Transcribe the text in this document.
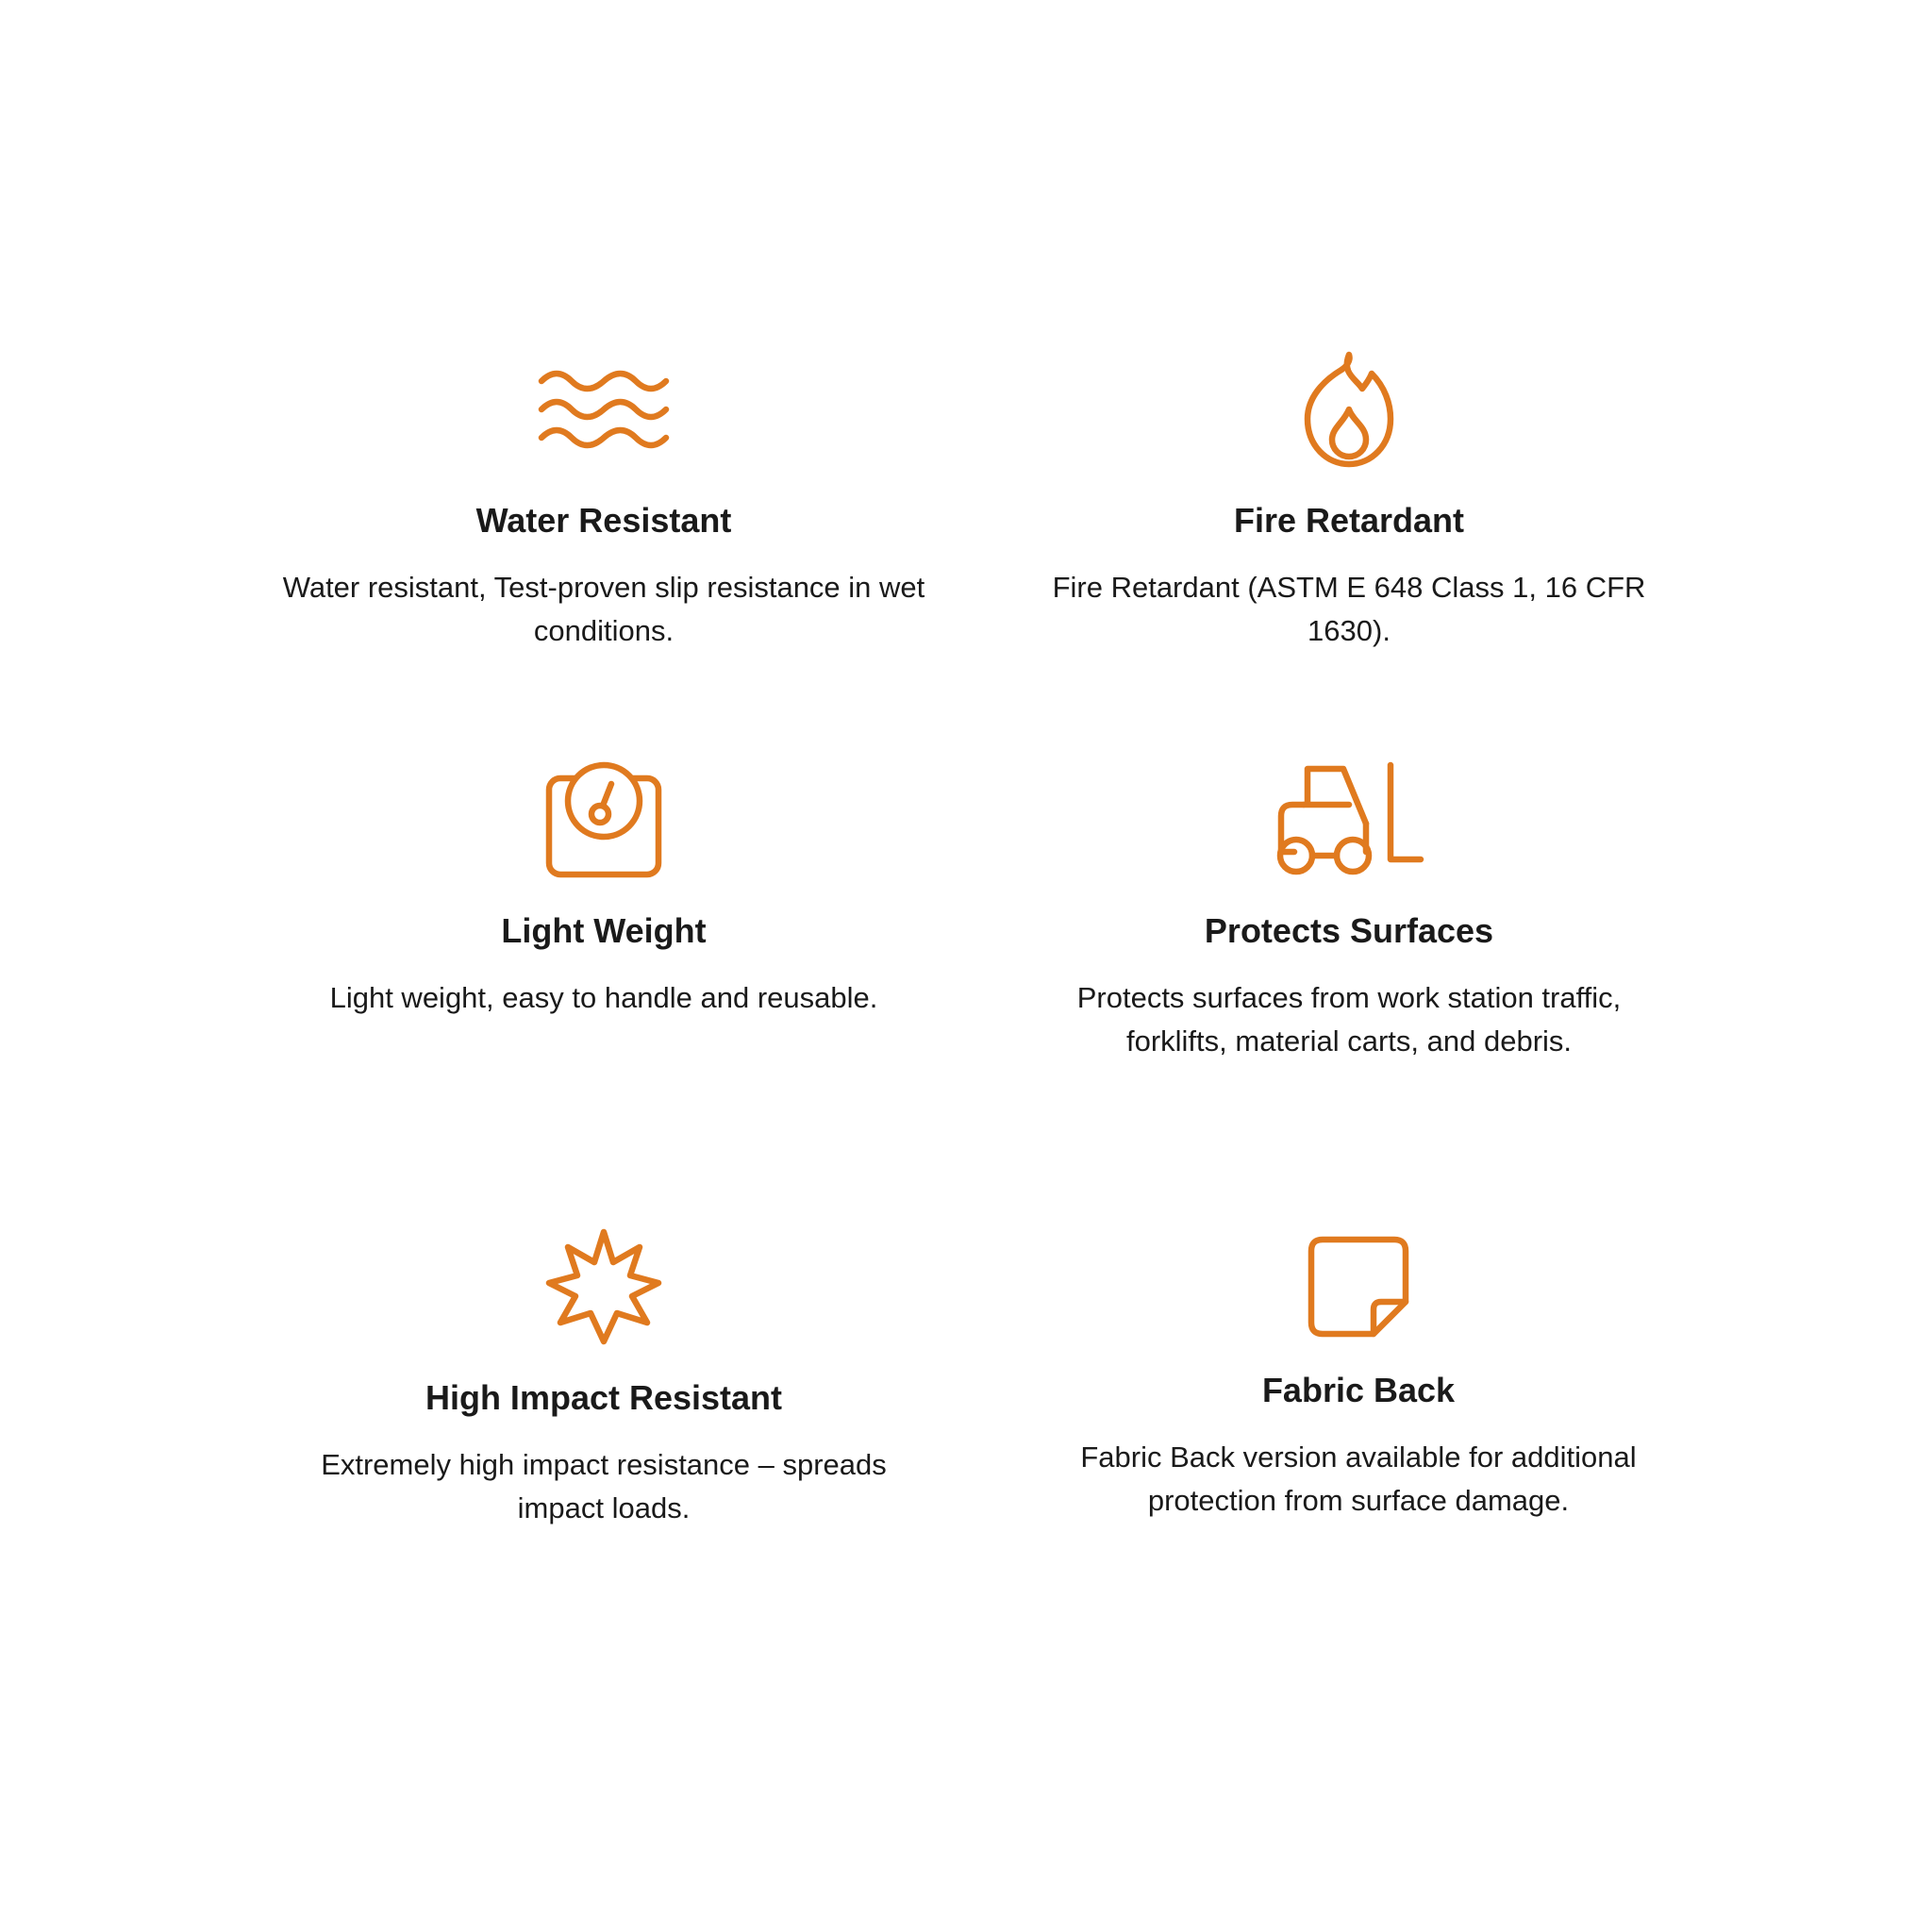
Water Resistant

Water resistant, Test-proven slip resistance in wet conditions.

Fire Retardant

Fire Retardant (ASTM E 648 Class 1, 16 CFR 1630).

Light Weight

Light weight, easy to handle and reusable.

Protects Surfaces

Protects surfaces from work station traffic, forklifts, material carts, and debris.

High Impact Resistant

Extremely high impact resistance – spreads impact loads.

Fabric Back

Fabric Back version available for additional protection from surface damage.
